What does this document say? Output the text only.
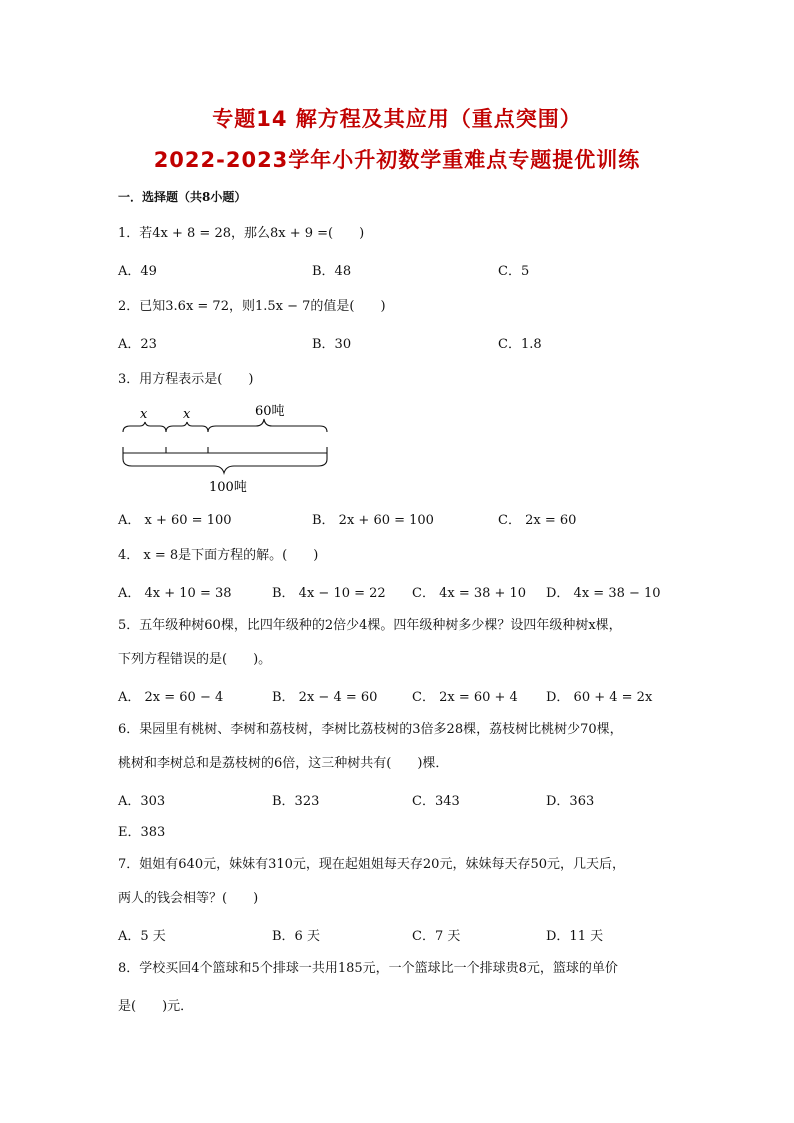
专题14 解方程及其应用（重点突围）
2022-2023学年小升初数学重难点专题提优训练
一．选择题（共8小题）
1．若4x + 8 = 28，那么8x + 9 =(　　)
A．49	B．48	C．5
2．已知3.6x = 72，则1.5x − 7的值是(　　)
A．23	B．30	C．1.8
3．用方程表示是(　　)
x	x	60吨
100吨
A． x + 60 = 100	B． 2x + 60 = 100	C． 2x = 60
4． x = 8是下面方程的解。(　　)
A． 4x + 10 = 38	B． 4x − 10 = 22 C． 4x = 38 + 10 D． 4x = 38 − 10
5．五年级种树60棵，比四年级种的2倍少4棵。四年级种树多少棵？设四年级种树x棵，
下列方程错误的是(　　)。
A． 2x = 60 − 4	B． 2x − 4 = 60	C． 2x = 60 + 4 D． 60 + 4 = 2x
6．果园里有桃树、李树和荔枝树，李树比荔枝树的3倍多28棵，荔枝树比桃树少70棵，
桃树和李树总和是荔枝树的6倍，这三种树共有(　　)棵．
A．303	B．323	C．343	D．363
E．383
7．姐姐有640元，妹妹有310元，现在起姐姐每天存20元，妹妹每天存50元，几天后，
两人的钱会相等？(　　)
A．5 天	B．6 天	C．7 天	D．11 天
8．学校买回4个篮球和5个排球一共用185元，一个篮球比一个排球贵8元，篮球的单价
是(　　)元．
